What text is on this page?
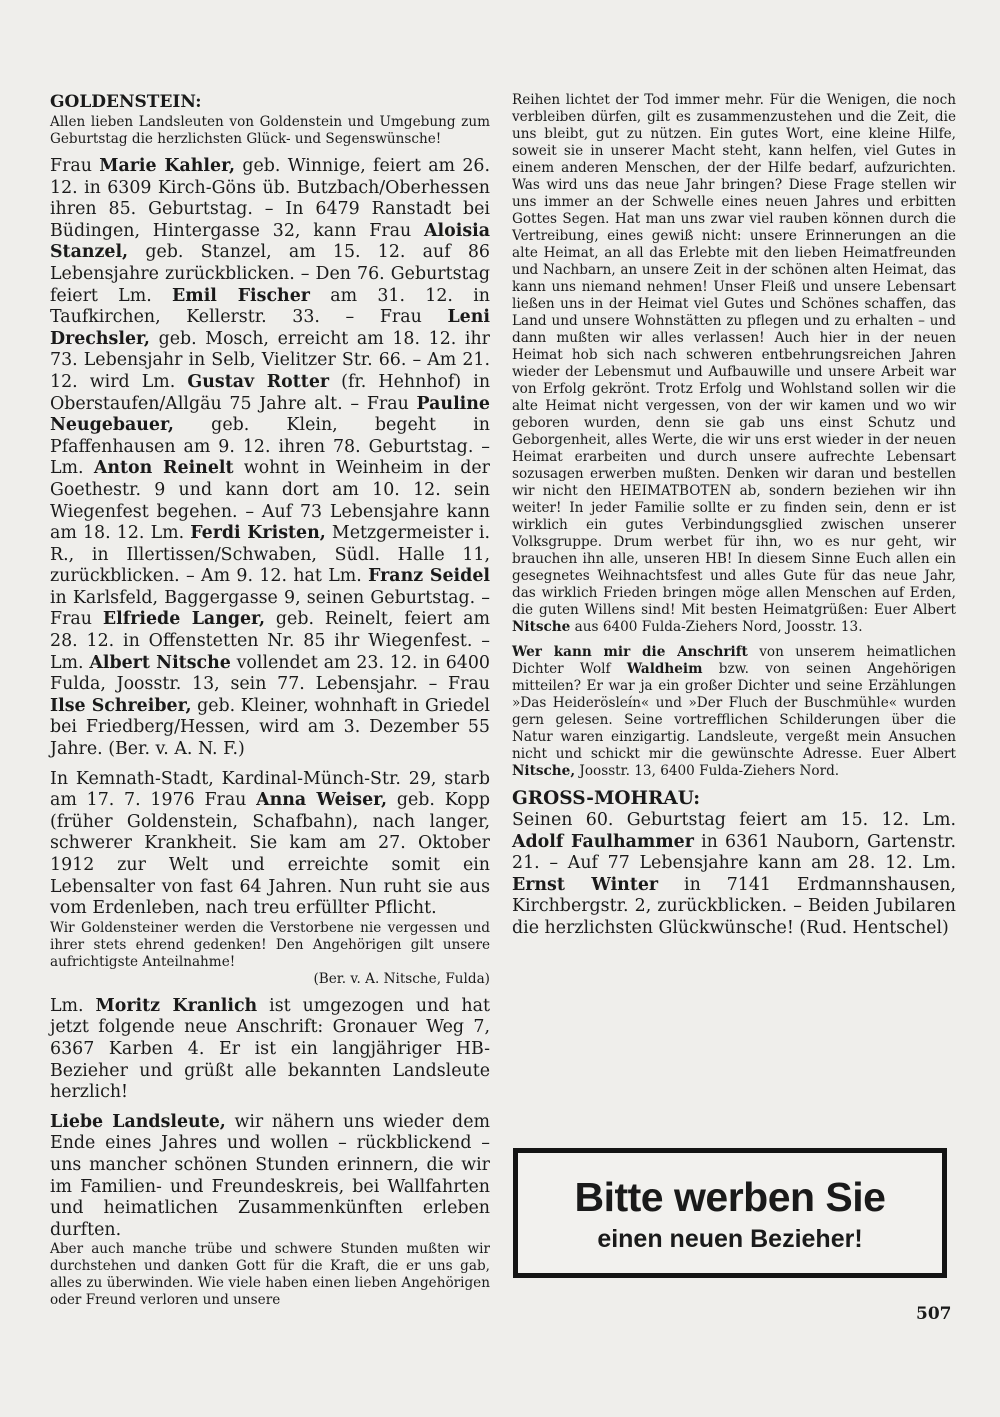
GOLDENSTEIN:

Allen lieben Landsleuten von Goldenstein und Umgebung zum Geburtstag die herzlichsten Glück- und Segenswünsche!

Frau Marie Kahler, geb. Winnige, feiert am 26. 12. in 6309 Kirch-Göns üb. Butzbach/Oberhessen ihren 85. Geburtstag. – In 6479 Ranstadt bei Büdingen, Hintergasse 32, kann Frau Aloisia Stanzel, geb. Stanzel, am 15. 12. auf 86 Lebensjahre zurückblicken. – Den 76. Geburtstag feiert Lm. Emil Fischer am 31. 12. in Taufkirchen, Kellerstr. 33. – Frau Leni Drechsler, geb. Mosch, erreicht am 18. 12. ihr 73. Lebensjahr in Selb, Vielitzer Str. 66. – Am 21. 12. wird Lm. Gustav Rotter (fr. Hehnhof) in Oberstaufen/Allgäu 75 Jahre alt. – Frau Pauline Neugebauer, geb. Klein, begeht in Pfaffenhausen am 9. 12. ihren 78. Geburtstag. – Lm. Anton Reinelt wohnt in Weinheim in der Goethestr. 9 und kann dort am 10. 12. sein Wiegenfest begehen. – Auf 73 Lebensjahre kann am 18. 12. Lm. Ferdi Kristen, Metzgermeister i. R., in Illertissen/Schwaben, Südl. Halle 11, zurückblicken. – Am 9. 12. hat Lm. Franz Seidel in Karlsfeld, Baggergasse 9, seinen Geburtstag. – Frau Elfriede Langer, geb. Reinelt, feiert am 28. 12. in Offenstetten Nr. 85 ihr Wiegenfest. – Lm. Albert Nitsche vollendet am 23. 12. in 6400 Fulda, Joosstr. 13, sein 77. Lebensjahr. – Frau Ilse Schreiber, geb. Kleiner, wohnhaft in Griedel bei Friedberg/Hessen, wird am 3. Dezember 55 Jahre. (Ber. v. A. N. F.)

In Kemnath-Stadt, Kardinal-Münch-Str. 29, starb am 17. 7. 1976 Frau Anna Weiser, geb. Kopp (früher Goldenstein, Schafbahn), nach langer, schwerer Krankheit. Sie kam am 27. Oktober 1912 zur Welt und erreichte somit ein Lebensalter von fast 64 Jahren. Nun ruht sie aus vom Erdenleben, nach treu erfüllter Pflicht.

Wir Goldensteiner werden die Verstorbene nie vergessen und ihrer stets ehrend gedenken! Den Angehörigen gilt unsere aufrichtigste Anteilnahme!

(Ber. v. A. Nitsche, Fulda)

Lm. Moritz Kranlich ist umgezogen und hat jetzt folgende neue Anschrift: Gronauer Weg 7, 6367 Karben 4. Er ist ein langjähriger HB-Bezieher und grüßt alle bekannten Landsleute herzlich!

Liebe Landsleute, wir nähern uns wieder dem Ende eines Jahres und wollen – rückblickend – uns mancher schönen Stunden erinnern, die wir im Familien- und Freundeskreis, bei Wallfahrten und heimatlichen Zusammenkünften erleben durften.

Aber auch manche trübe und schwere Stunden mußten wir durchstehen und danken Gott für die Kraft, die er uns gab, alles zu überwinden. Wie viele haben einen lieben Angehörigen oder Freund verloren und unsere

Reihen lichtet der Tod immer mehr. Für die Wenigen, die noch verbleiben dürfen, gilt es zusammenzustehen und die Zeit, die uns bleibt, gut zu nützen. Ein gutes Wort, eine kleine Hilfe, soweit sie in unserer Macht steht, kann helfen, viel Gutes in einem anderen Menschen, der der Hilfe bedarf, aufzurichten. Was wird uns das neue Jahr bringen? Diese Frage stellen wir uns immer an der Schwelle eines neuen Jahres und erbitten Gottes Segen. Hat man uns zwar viel rauben können durch die Vertreibung, eines gewiß nicht: unsere Erinnerungen an die alte Heimat, an all das Erlebte mit den lieben Heimatfreunden und Nachbarn, an unsere Zeit in der schönen alten Heimat, das kann uns niemand nehmen! Unser Fleiß und unsere Lebensart ließen uns in der Heimat viel Gutes und Schönes schaffen, das Land und unsere Wohnstätten zu pflegen und zu erhalten – und dann mußten wir alles verlassen! Auch hier in der neuen Heimat hob sich nach schweren entbehrungsreichen Jahren wieder der Lebensmut und Aufbauwille und unsere Arbeit war von Erfolg gekrönt. Trotz Erfolg und Wohlstand sollen wir die alte Heimat nicht vergessen, von der wir kamen und wo wir geboren wurden, denn sie gab uns einst Schutz und Geborgenheit, alles Werte, die wir uns erst wieder in der neuen Heimat erarbeiten und durch unsere aufrechte Lebensart sozusagen erwerben mußten. Denken wir daran und bestellen wir nicht den HEIMATBOTEN ab, sondern beziehen wir ihn weiter! In jeder Familie sollte er zu finden sein, denn er ist wirklich ein gutes Verbindungsglied zwischen unserer Volksgruppe. Drum werbet für ihn, wo es nur geht, wir brauchen ihn alle, unseren HB! In diesem Sinne Euch allen ein gesegnetes Weihnachtsfest und alles Gute für das neue Jahr, das wirklich Frieden bringen möge allen Menschen auf Erden, die guten Willens sind! Mit besten Heimatgrüßen: Euer Albert Nitsche aus 6400 Fulda-Ziehers Nord, Joosstr. 13.

Wer kann mir die Anschrift von unserem heimatlichen Dichter Wolf Waldheim bzw. von seinen Angehörigen mitteilen? Er war ja ein großer Dichter und seine Erzählungen »Das Heiderösleín« und »Der Fluch der Buschmühle« wurden gern gelesen. Seine vortrefflichen Schilderungen über die Natur waren einzigartig. Landsleute, vergeßt mein Ansuchen nicht und schickt mir die gewünschte Adresse. Euer Albert Nitsche, Joosstr. 13, 6400 Fulda-Ziehers Nord.

GROSS-MOHRAU:

Seinen 60. Geburtstag feiert am 15. 12. Lm. Adolf Faulhammer in 6361 Nauborn, Gartenstr. 21. – Auf 77 Lebensjahre kann am 28. 12. Lm. Ernst Winter in 7141 Erdmannshausen, Kirchbergstr. 2, zurückblicken. – Beiden Jubilaren die herzlichsten Glückwünsche! (Rud. Hentschel)

Bitte werben Sie
einen neuen Bezieher!
507
